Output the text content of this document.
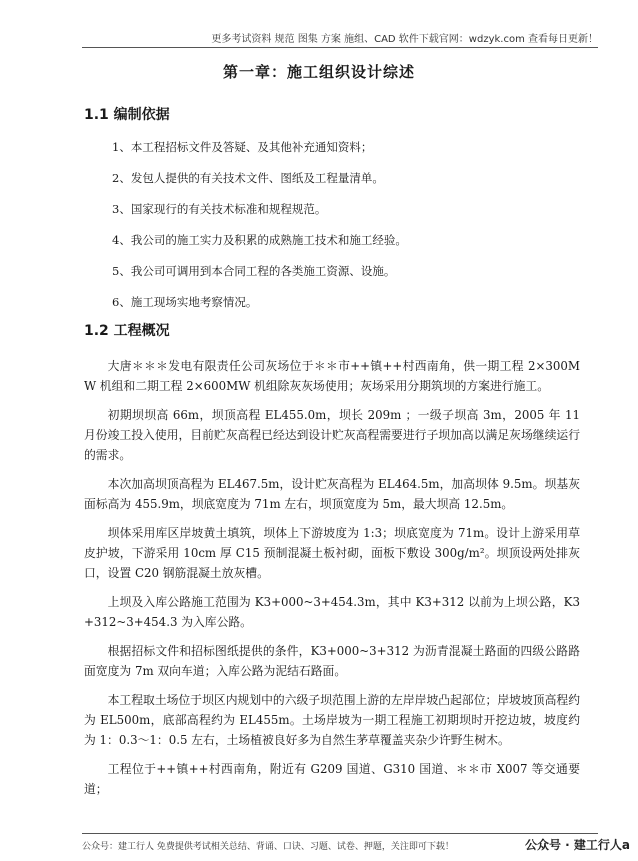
更多考试资料 规范 图集 方案 施组、CAD 软件下载官网：wdzyk.com 查看每日更新！
第一章：施工组织设计综述
1.1 编制依据
1、本工程招标文件及答疑、及其他补充通知资料；
2、发包人提供的有关技术文件、图纸及工程量清单。
3、国家现行的有关技术标准和规程规范。
4、我公司的施工实力及积累的成熟施工技术和施工经验。
5、我公司可调用到本合同工程的各类施工资源、设施。
6、施工现场实地考察情况。
1.2 工程概况

大唐＊＊＊发电有限责任公司灰场位于＊＊市++镇++村西南角，供一期工程 2×300MW 机组和二期工程 2×600MW 机组除灰灰场使用；灰场采用分期筑坝的方案进行施工。

初期坝坝高 66m，坝顶高程 EL455.0m，坝长 209m ；一级子坝高 3m，2005 年 11 月份竣工投入使用，目前贮灰高程已经达到设计贮灰高程需要进行子坝加高以满足灰场继续运行的需求。

本次加高坝顶高程为 EL467.5m，设计贮灰高程为 EL464.5m，加高坝体 9.5m。坝基灰面标高为 455.9m，坝底宽度为 71m 左右，坝顶宽度为 5m，最大坝高 12.5m。

坝体采用库区岸坡黄土填筑，坝体上下游坡度为 1:3；坝底宽度为 71m。设计上游采用草皮护坡，下游采用 10cm 厚 C15 预制混凝土板衬砌，面板下敷设 300g/m²。坝顶设两处排灰口，设置 C20 钢筋混凝土放灰槽。

上坝及入库公路施工范围为 K3+000~3+454.3m，其中 K3+312 以前为上坝公路，K3+312~3+454.3 为入库公路。

根据招标文件和招标图纸提供的条件，K3+000~3+312 为沥青混凝土路面的四级公路路面宽度为 7m 双向车道；入库公路为泥结石路面。

本工程取土场位于坝区内规划中的六级子坝范围上游的左岸岸坡凸起部位；岸坡坡顶高程约为 EL500m，底部高程约为 EL455m。土场岸坡为一期工程施工初期坝时开挖边坡，坡度约为 1：0.3～1：0.5 左右，土场植被良好多为自然生茅草覆盖夹杂少许野生树木。

工程位于++镇++村西南角，附近有 G209 国道、G310 国道、＊＊市 X007 等交通要道；

公众号：建工行人 免费提供考试相关总结、背诵、口诀、习题、试卷、押题，关注即可下载！	公众号 · 建工行人a
